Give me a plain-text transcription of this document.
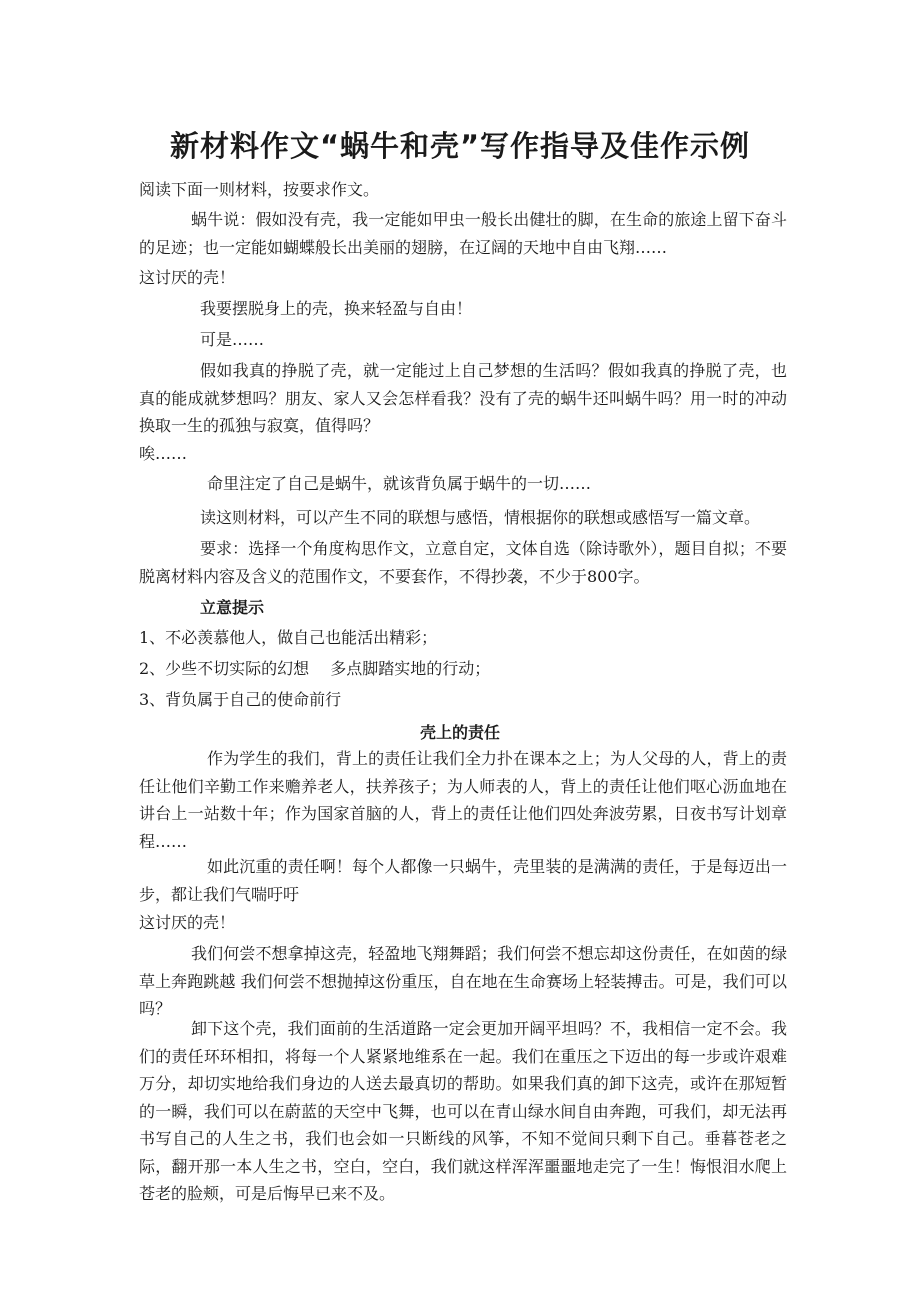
新材料作文“蜗牛和壳”写作指导及佳作示例

阅读下面一则材料，按要求作文。

蜗牛说：假如没有壳，我一定能如甲虫一般长出健壮的脚，在生命的旅途上留下奋斗的足迹；也一定能如蝴蝶般长出美丽的翅膀，在辽阔的天地中自由飞翔……

这讨厌的壳！

我要摆脱身上的壳，换来轻盈与自由！

可是……

假如我真的挣脱了壳，就一定能过上自己梦想的生活吗？假如我真的挣脱了壳，也真的能成就梦想吗？朋友、家人又会怎样看我？没有了壳的蜗牛还叫蜗牛吗？用一时的冲动换取一生的孤独与寂寞，值得吗？

唉……

命里注定了自己是蜗牛，就该背负属于蜗牛的一切……

读这则材料，可以产生不同的联想与感悟，情根据你的联想或感悟写一篇文章。

要求：选择一个角度构思作文，立意自定，文体自选（除诗歌外），题目自拟；不要脱离材料内容及含义的范围作文，不要套作，不得抄袭，不少于800字。

立意提示

1、不必羡慕他人，做自己也能活出精彩；

2、少些不切实际的幻想　 多点脚踏实地的行动；

3、背负属于自己的使命前行

壳上的责任

作为学生的我们，背上的责任让我们全力扑在课本之上；为人父母的人，背上的责任让他们辛勤工作来赡养老人，扶养孩子；为人师表的人，背上的责任让他们呕心沥血地在讲台上一站数十年；作为国家首脑的人，背上的责任让他们四处奔波劳累，日夜书写计划章程……

如此沉重的责任啊！每个人都像一只蜗牛，壳里装的是满满的责任，于是每迈出一步，都让我们气喘吁吁

这讨厌的壳！

我们何尝不想拿掉这壳，轻盈地飞翔舞蹈；我们何尝不想忘却这份责任，在如茵的绿草上奔跑跳越 我们何尝不想抛掉这份重压，自在地在生命赛场上轻装搏击。可是，我们可以吗？

卸下这个壳，我们面前的生活道路一定会更加开阔平坦吗？不，我相信一定不会。我们的责任环环相扣，将每一个人紧紧地维系在一起。我们在重压之下迈出的每一步或许艰难万分，却切实地给我们身边的人送去最真切的帮助。如果我们真的卸下这壳，或许在那短暂的一瞬，我们可以在蔚蓝的天空中飞舞，也可以在青山绿水间自由奔跑，可我们，却无法再书写自己的人生之书，我们也会如一只断线的风筝，不知不觉间只剩下自己。垂暮苍老之际，翻开那一本人生之书，空白，空白，我们就这样浑浑噩噩地走完了一生！悔恨泪水爬上苍老的脸颊，可是后悔早已来不及。
